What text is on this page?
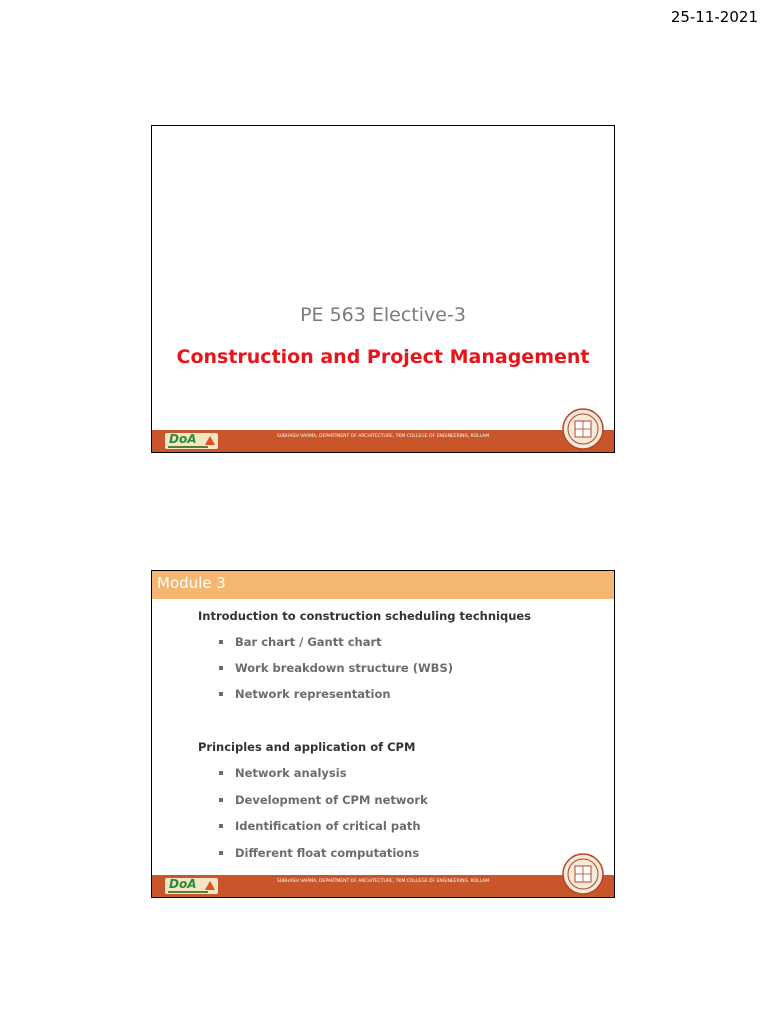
25-11-2021
PE 563 Elective-3
Construction and Project Management
DoA	SUBHASH VARMA, DEPARTMENT OF ARCHITECTURE, TKM COLLEGE OF ENGINEERING, KOLLAM
Module 3
Introduction to construction scheduling techniques
Bar chart / Gantt chart
Work breakdown structure (WBS)
Network representation
Principles and application of CPM
Network analysis
Development of CPM network
Identification of critical path
Different float computations
DoA	SUBHASH VARMA, DEPARTMENT OF ARCHITECTURE, TKM COLLEGE OF ENGINEERING, KOLLAM
